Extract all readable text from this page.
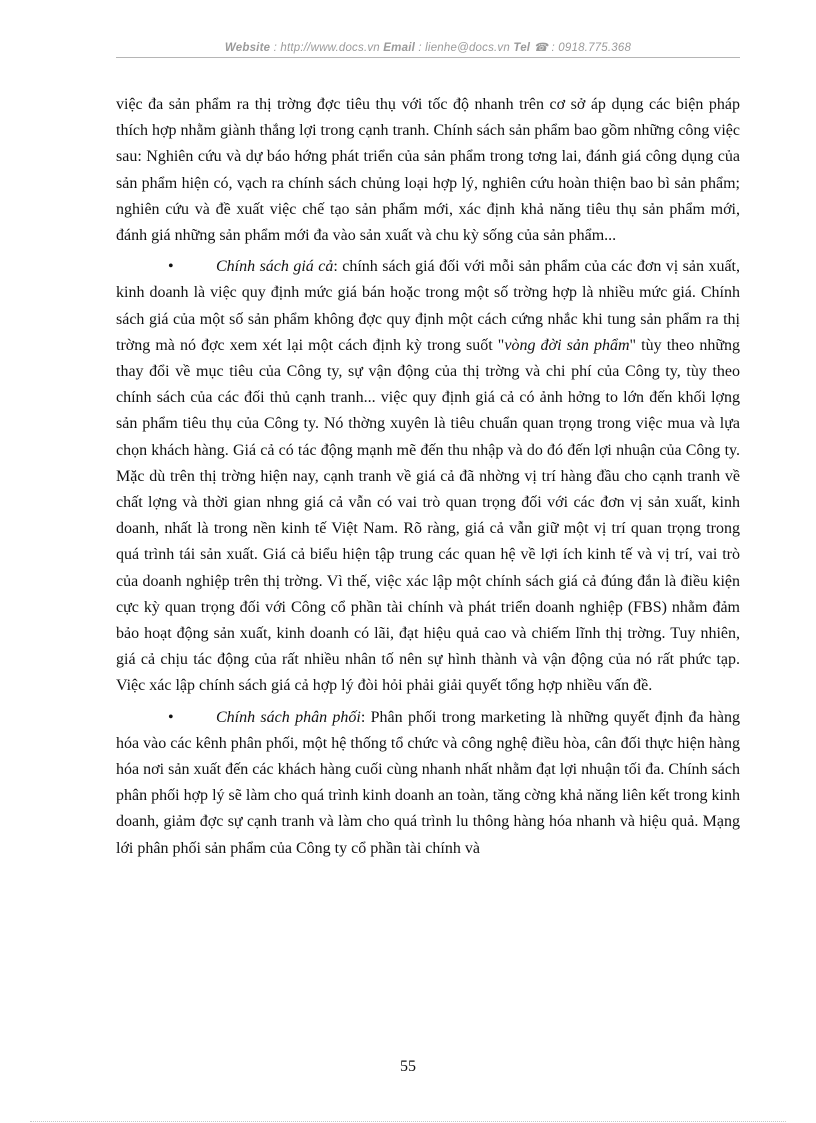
Website : http://www.docs.vn Email : lienhe@docs.vn Tel ☎ : 0918.775.368

việc đa sản phẩm ra thị trờng đợc tiêu thụ với tốc độ nhanh trên cơ sở áp dụng các biện pháp thích hợp nhằm giành thắng lợi trong cạnh tranh. Chính sách sản phẩm bao gồm những công việc sau: Nghiên cứu và dự báo hớng phát triển của sản phẩm trong tơng lai, đánh giá công dụng của sản phẩm hiện có, vạch ra chính sách chủng loại hợp lý, nghiên cứu hoàn thiện bao bì sản phẩm; nghiên cứu và đề xuất việc chế tạo sản phẩm mới, xác định khả năng tiêu thụ sản phẩm mới, đánh giá những sản phẩm mới đa vào sản xuất và chu kỳ sống của sản phẩm...

•	Chính sách giá cả: chính sách giá đối với mỗi sản phẩm của các đơn vị sản xuất, kinh doanh là việc quy định mức giá bán hoặc trong một số trờng hợp là nhiều mức giá. Chính sách giá của một số sản phẩm không đợc quy định một cách cứng nhắc khi tung sản phẩm ra thị trờng mà nó đợc xem xét lại một cách định kỳ trong suốt "vòng đời sản phẩm" tùy theo những thay đổi về mục tiêu của Công ty, sự vận động của thị trờng và chi phí của Công ty, tùy theo chính sách của các đối thủ cạnh tranh... việc quy định giá cả có ảnh hởng to lớn đến khối lợng sản phẩm tiêu thụ của Công ty. Nó thờng xuyên là tiêu chuẩn quan trọng trong việc mua và lựa chọn khách hàng. Giá cả có tác động mạnh mẽ đến thu nhập và do đó đến lợi nhuận của Công ty. Mặc dù trên thị trờng hiện nay, cạnh tranh về giá cả đã nhờng vị trí hàng đầu cho cạnh tranh về chất lợng và thời gian nhng giá cả vẫn có vai trò quan trọng đối với các đơn vị sản xuất, kinh doanh, nhất là trong nền kinh tế Việt Nam. Rõ ràng, giá cả vẫn giữ một vị trí quan trọng trong quá trình tái sản xuất. Giá cả biểu hiện tập trung các quan hệ về lợi ích kinh tế và vị trí, vai trò của doanh nghiệp trên thị trờng. Vì thế, việc xác lập một chính sách giá cả đúng đắn là điều kiện cực kỳ quan trọng đối với Công cổ phần tài chính và phát triển doanh nghiệp (FBS) nhằm đảm bảo hoạt động sản xuất, kinh doanh có lãi, đạt hiệu quả cao và chiếm lĩnh thị trờng. Tuy nhiên, giá cả chịu tác động của rất nhiều nhân tố nên sự hình thành và vận động của nó rất phức tạp. Việc xác lập chính sách giá cả hợp lý đòi hỏi phải giải quyết tổng hợp nhiều vấn đề.

•	Chính sách phân phối: Phân phối trong marketing là những quyết định đa hàng hóa vào các kênh phân phối, một hệ thống tổ chức và công nghệ điều hòa, cân đối thực hiện hàng hóa nơi sản xuất đến các khách hàng cuối cùng nhanh nhất nhằm đạt lợi nhuận tối đa. Chính sách phân phối hợp lý sẽ làm cho quá trình kinh doanh an toàn, tăng cờng khả năng liên kết trong kinh doanh, giảm đợc sự cạnh tranh và làm cho quá trình lu thông hàng hóa nhanh và hiệu quả. Mạng lới phân phối sản phẩm của Công ty cổ phần tài chính và

55
